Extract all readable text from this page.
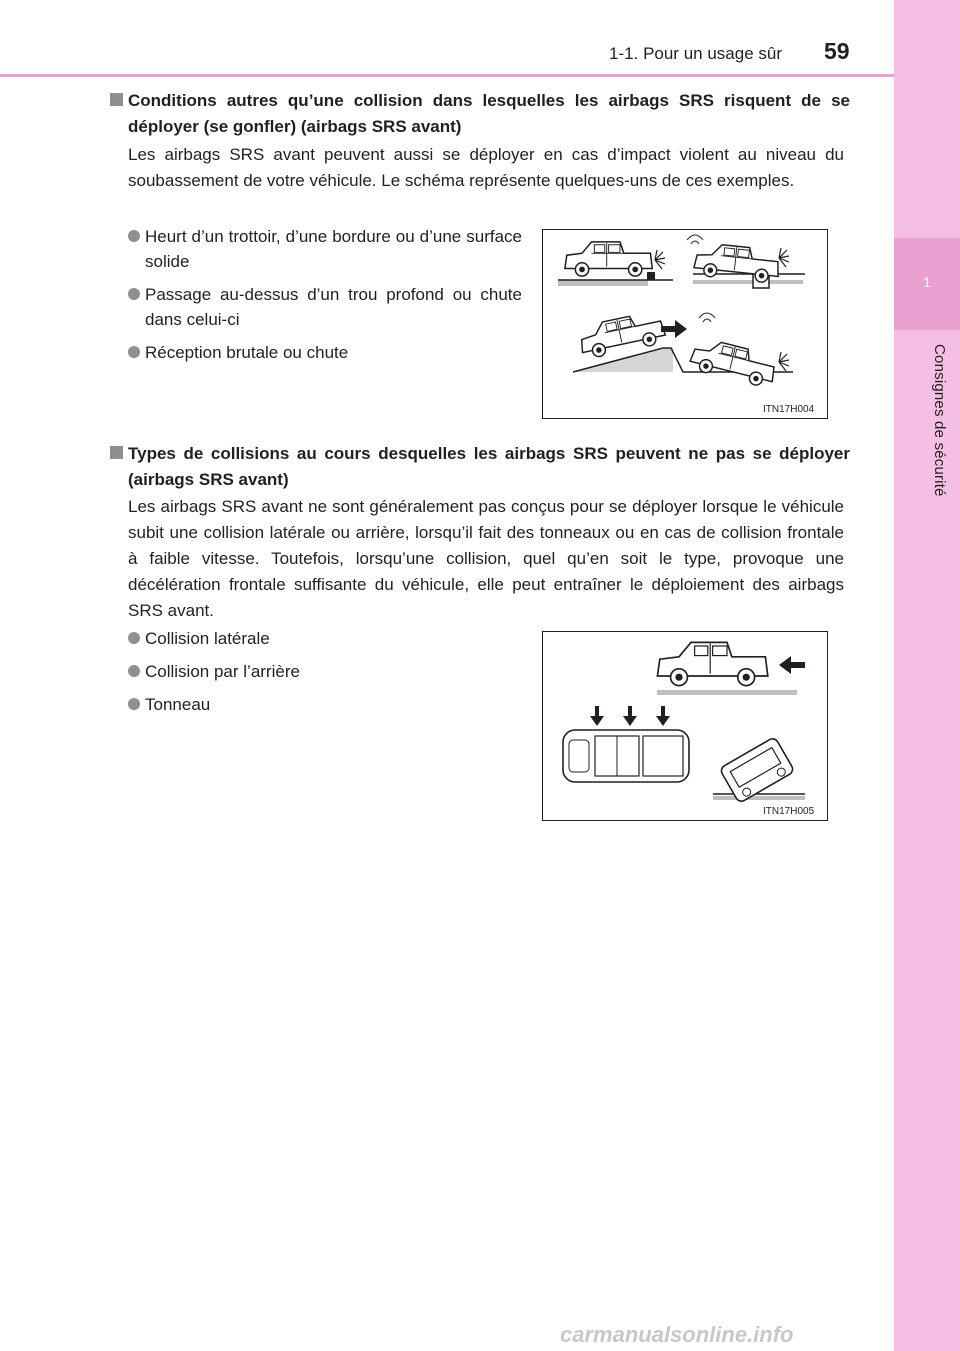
1
Consignes de sécurité
1-1. Pour un usage sûr 59
Conditions autres qu’une collision dans lesquelles les airbags SRS risquent de se déployer (se gonfler) (airbags SRS avant)
Les airbags SRS avant peuvent aussi se déployer en cas d’impact violent au niveau du soubassement de votre véhicule. Le schéma représente quelques-uns de ces exemples.
Heurt d’un trottoir, d’une bordure ou d’une surface solide
Passage au-dessus d’un trou profond ou chute dans celui-ci
Réception brutale ou chute
ITN17H004
Types de collisions au cours desquelles les airbags SRS peuvent ne pas se déployer (airbags SRS avant)
Les airbags SRS avant ne sont généralement pas conçus pour se déployer lorsque le véhicule subit une collision latérale ou arrière, lorsqu’il fait des tonneaux ou en cas de collision frontale à faible vitesse. Toutefois, lorsqu’une collision, quel qu’en soit le type, provoque une décélération frontale suffisante du véhicule, elle peut entraîner le déploiement des airbags SRS avant.
Collision latérale
Collision par l’arrière
Tonneau
ITN17H005
carmanualsonline.info
